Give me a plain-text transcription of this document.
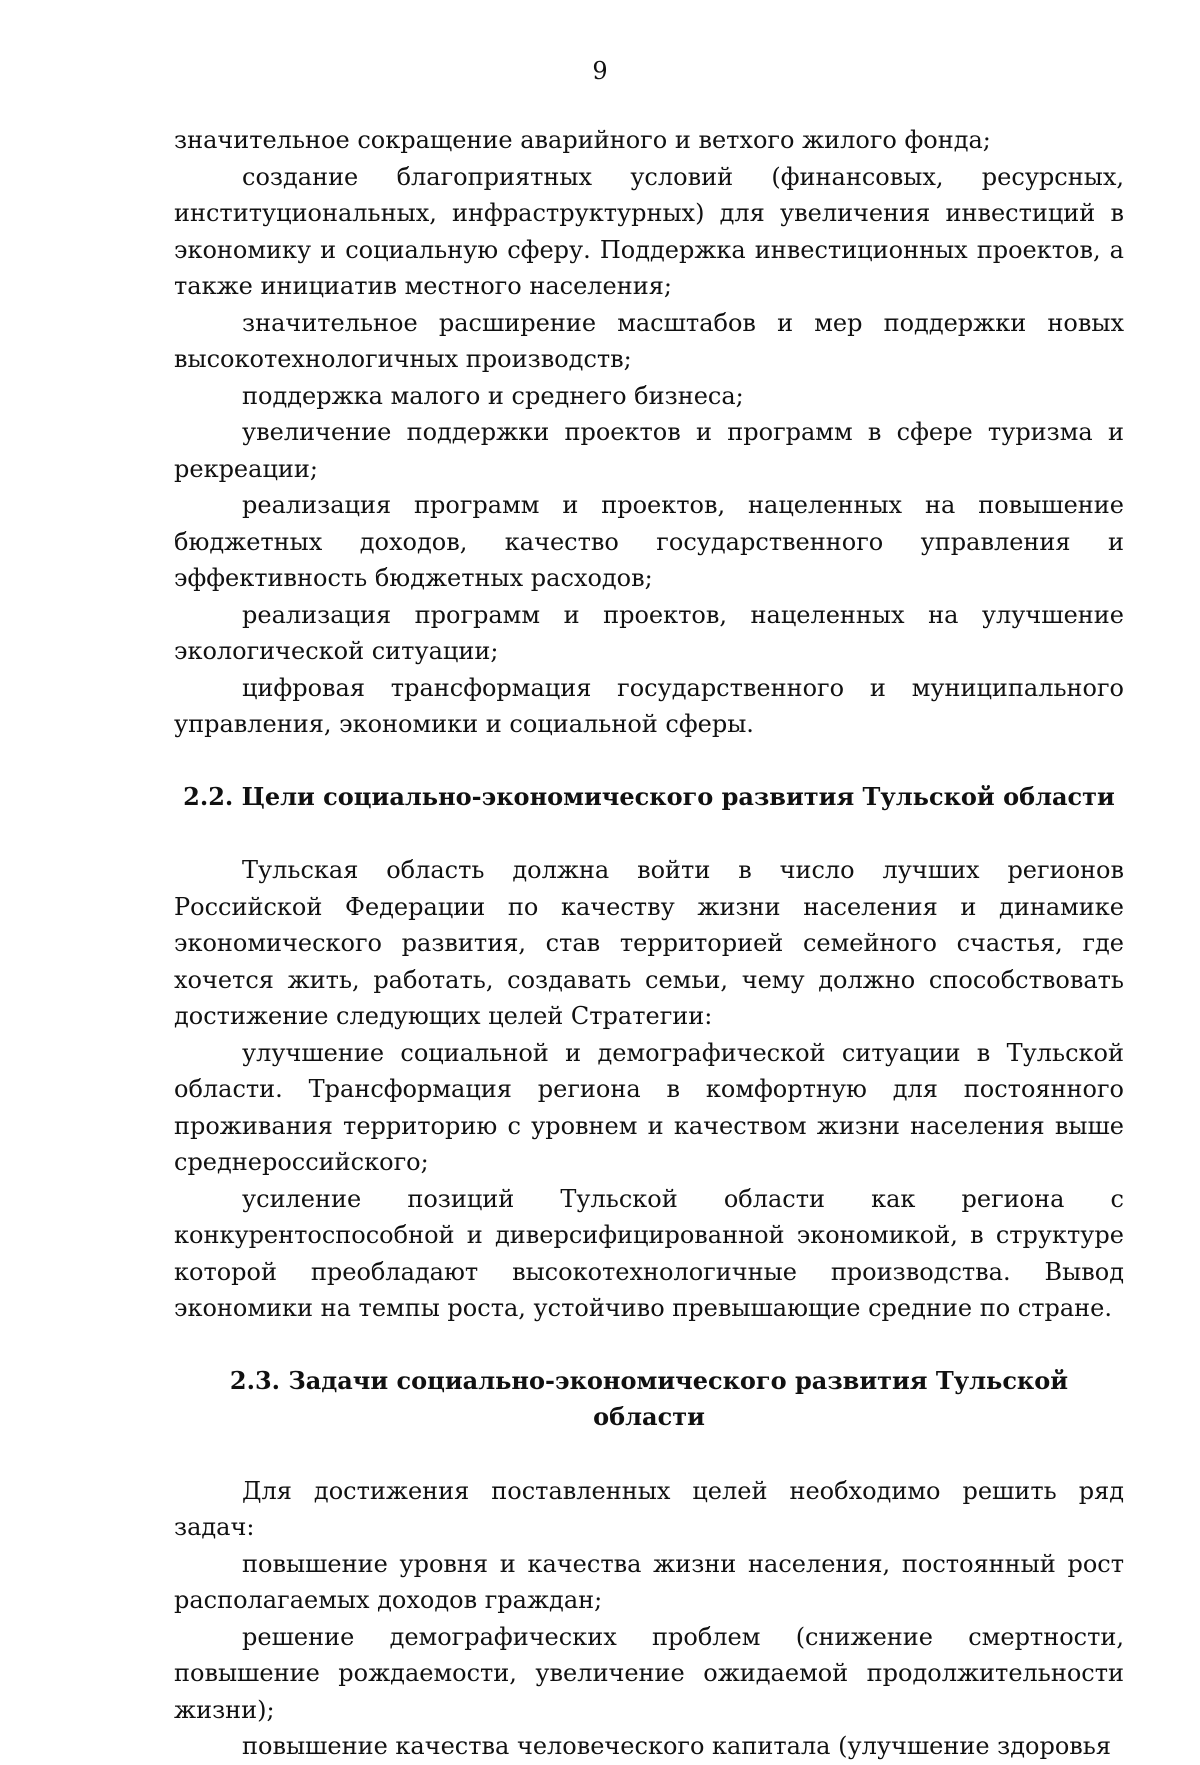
9

значительное сокращение аварийного и ветхого жилого фонда;

создание благоприятных условий (финансовых, ресурсных, институциональных, инфраструктурных) для увеличения инвестиций в экономику и социальную сферу. Поддержка инвестиционных проектов, а также инициатив местного населения;

значительное расширение масштабов и мер поддержки новых высокотехнологичных производств;

поддержка малого и среднего бизнеса;

увеличение поддержки проектов и программ в сфере туризма и рекреации;

реализация программ и проектов, нацеленных на повышение бюджетных доходов, качество государственного управления и эффективность бюджетных расходов;

реализация программ и проектов, нацеленных на улучшение экологической ситуации;

цифровая трансформация государственного и муниципального управления, экономики и социальной сферы.

2.2. Цели социально-экономического развития Тульской области

Тульская область должна войти в число лучших регионов Российской Федерации по качеству жизни населения и динамике экономического развития, став территорией семейного счастья, где хочется жить, работать, создавать семьи, чему должно способствовать достижение следующих целей Стратегии:

улучшение социальной и демографической ситуации в Тульской области. Трансформация региона в комфортную для постоянного проживания территорию с уровнем и качеством жизни населения выше среднероссийского;

усиление позиций Тульской области как региона с конкурентоспособной и диверсифицированной экономикой, в структуре которой преобладают высокотехнологичные производства. Вывод экономики на темпы роста, устойчиво превышающие средние по стране.

2.3. Задачи социально-экономического развития Тульской области

Для достижения поставленных целей необходимо решить ряд задач:

повышение уровня и качества жизни населения, постоянный рост располагаемых доходов граждан;

решение демографических проблем (снижение смертности, повышение рождаемости, увеличение ожидаемой продолжительности жизни);

повышение качества человеческого капитала (улучшение здоровья
